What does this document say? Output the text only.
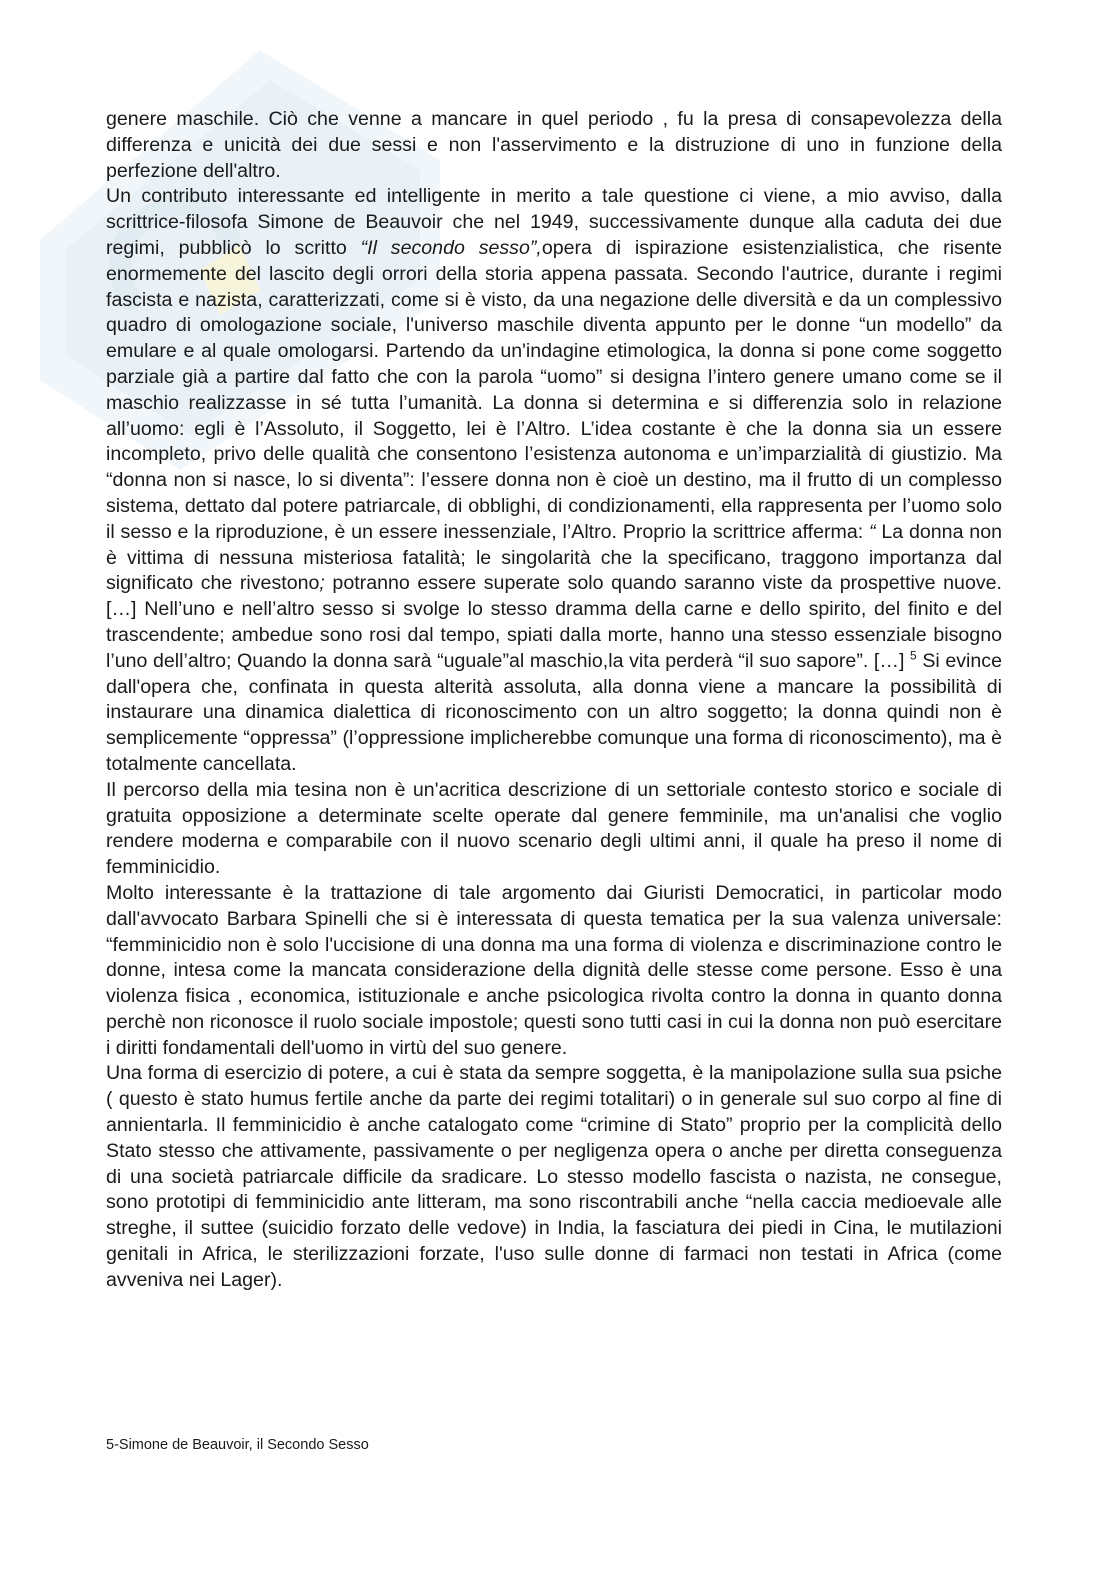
genere maschile. Ciò che venne a mancare in quel periodo , fu la presa di consapevolezza della differenza e unicità dei due sessi e non l'asservimento e la distruzione di uno in funzione della perfezione dell'altro.

Un contributo interessante ed intelligente in merito a tale questione ci viene, a mio avviso, dalla scrittrice-filosofa Simone de Beauvoir che nel 1949, successivamente dunque alla caduta dei due regimi, pubblicò lo scritto “Il secondo sesso”,opera di ispirazione esistenzialistica, che risente enormemente del lascito degli orrori della storia appena passata. Secondo l'autrice, durante i regimi fascista e nazista, caratterizzati, come si è visto, da una negazione delle diversità e da un complessivo quadro di omologazione sociale, l'universo maschile diventa appunto per le donne “un modello” da emulare e al quale omologarsi. Partendo da un'indagine etimologica, la donna si pone come soggetto parziale già a partire dal fatto che con la parola “uomo” si designa l’intero genere umano come se il maschio realizzasse in sé tutta l’umanità. La donna si determina e si differenzia solo in relazione all’uomo: egli è l’Assoluto, il Soggetto, lei è l’Altro. L’idea costante è che la donna sia un essere incompleto, privo delle qualità che consentono l’esistenza autonoma e un’imparzialità di giustizio. Ma “donna non si nasce, lo si diventa”: l’essere donna non è cioè un destino, ma il frutto di un complesso sistema, dettato dal potere patriarcale, di obblighi, di condizionamenti, ella rappresenta per l’uomo solo il sesso e la riproduzione, è un essere inessenziale, l’Altro. Proprio la scrittrice afferma: “ La donna non è vittima di nessuna misteriosa fatalità; le singolarità che la specificano, traggono importanza dal significato che rivestono; potranno essere superate solo quando saranno viste da prospettive nuove. […] Nell’uno e nell’altro sesso si svolge lo stesso dramma della carne e dello spirito, del finito e del trascendente; ambedue sono rosi dal tempo, spiati dalla morte, hanno una stesso essenziale bisogno l’uno dell’altro; Quando la donna sarà “uguale”al maschio,la vita perderà “il suo sapore”. […] $^5$ Si evince dall'opera che, confinata in questa alterità assoluta, alla donna viene a mancare la possibilità di instaurare una dinamica dialettica di riconoscimento con un altro soggetto; la donna quindi non è semplicemente “oppressa” (l’oppressione implicherebbe comunque una forma di riconoscimento), ma è totalmente cancellata.

Il percorso della mia tesina non è un'acritica descrizione di un settoriale contesto storico e sociale di gratuita opposizione a determinate scelte operate dal genere femminile, ma un'analisi che voglio rendere moderna e comparabile con il nuovo scenario degli ultimi anni, il quale ha preso il nome di femminicidio.

Molto interessante è la trattazione di tale argomento dai Giuristi Democratici, in particolar modo dall'avvocato Barbara Spinelli che si è interessata di questa tematica per la sua valenza universale: “femminicidio non è solo l'uccisione di una donna ma una forma di violenza e discriminazione contro le donne, intesa come la mancata considerazione della dignità delle stesse come persone. Esso è una violenza fisica , economica, istituzionale e anche psicologica rivolta contro la donna in quanto donna perchè non riconosce il ruolo sociale impostole; questi sono tutti casi in cui la donna non può esercitare i diritti fondamentali dell'uomo in virtù del suo genere.

Una forma di esercizio di potere, a cui è stata da sempre soggetta, è la manipolazione sulla sua psiche ( questo è stato humus fertile anche da parte dei regimi totalitari) o in generale sul suo corpo al fine di annientarla. Il femminicidio è anche catalogato come “crimine di Stato” proprio per la complicità dello Stato stesso che attivamente, passivamente o per negligenza opera o anche per diretta conseguenza di una società patriarcale difficile da sradicare. Lo stesso modello fascista o nazista, ne consegue, sono prototipi di femminicidio ante litteram, ma sono riscontrabili anche “nella caccia medioevale alle streghe, il suttee (suicidio forzato delle vedove) in India, la fasciatura dei piedi in Cina, le mutilazioni genitali in Africa, le sterilizzazioni forzate, l'uso sulle donne di farmaci non testati in Africa (come avveniva nei Lager).

5-Simone de Beauvoir, il Secondo Sesso
